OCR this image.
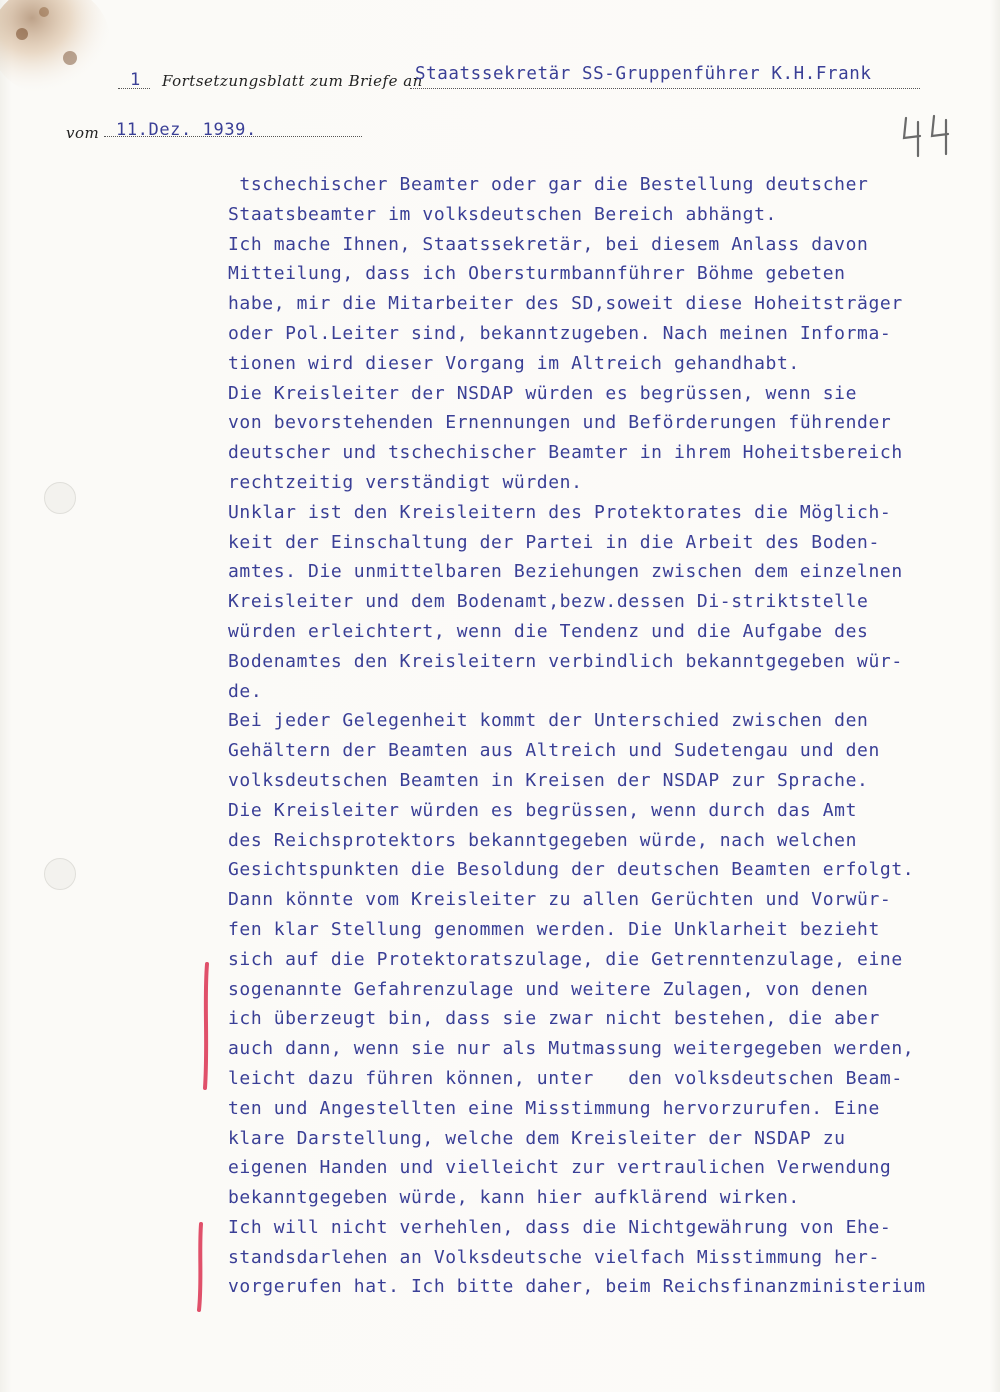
1 Fortsetzungsblatt zum Briefe an
Staatssekretär SS-Gruppenführer K.H.Frank
vom 11.Dez. 1939.
tschechischer Beamter oder gar die Bestellung deutscher
Staatsbeamter im volksdeutschen Bereich abhängt.
Ich mache Ihnen, Staatssekretär, bei diesem Anlass davon
Mitteilung, dass ich Obersturmbannführer Böhme gebeten
habe, mir die Mitarbeiter des SD,soweit diese Hoheitsträger
oder Pol.Leiter sind, bekanntzugeben. Nach meinen Informa-
tionen wird dieser Vorgang im Altreich gehandhabt.
Die Kreisleiter der NSDAP würden es begrüssen, wenn sie
von bevorstehenden Ernennungen und Beförderungen führender
deutscher und tschechischer Beamter in ihrem Hoheitsbereich
rechtzeitig verständigt würden.
Unklar ist den Kreisleitern des Protektorates die Möglich-
keit der Einschaltung der Partei in die Arbeit des Boden-
amtes. Die unmittelbaren Beziehungen zwischen dem einzelnen
Kreisleiter und dem Bodenamt,bezw.dessen Di-striktstelle
würden erleichtert, wenn die Tendenz und die Aufgabe des
Bodenamtes den Kreisleitern verbindlich bekanntgegeben wür-
de.
Bei jeder Gelegenheit kommt der Unterschied zwischen den
Gehältern der Beamten aus Altreich und Sudetengau und den
volksdeutschen Beamten in Kreisen der NSDAP zur Sprache.
Die Kreisleiter würden es begrüssen, wenn durch das Amt
des Reichsprotektors bekanntgegeben würde, nach welchen
Gesichtspunkten die Besoldung der deutschen Beamten erfolgt.
Dann könnte vom Kreisleiter zu allen Gerüchten und Vorwür-
fen klar Stellung genommen werden. Die Unklarheit bezieht
sich auf die Protektoratszulage, die Getrenntenzulage, eine
sogenannte Gefahrenzulage und weitere Zulagen, von denen
ich überzeugt bin, dass sie zwar nicht bestehen, die aber
auch dann, wenn sie nur als Mutmassung weitergegeben werden,
leicht dazu führen können, unter   den volksdeutschen Beam-
ten und Angestellten eine Misstimmung hervorzurufen. Eine
klare Darstellung, welche dem Kreisleiter der NSDAP zu
eigenen Handen und vielleicht zur vertraulichen Verwendung
bekanntgegeben würde, kann hier aufklärend wirken.
Ich will nicht verhehlen, dass die Nichtgewährung von Ehe-
standsdarlehen an Volksdeutsche vielfach Misstimmung her-
vorgerufen hat. Ich bitte daher, beim Reichsfinanzministerium
